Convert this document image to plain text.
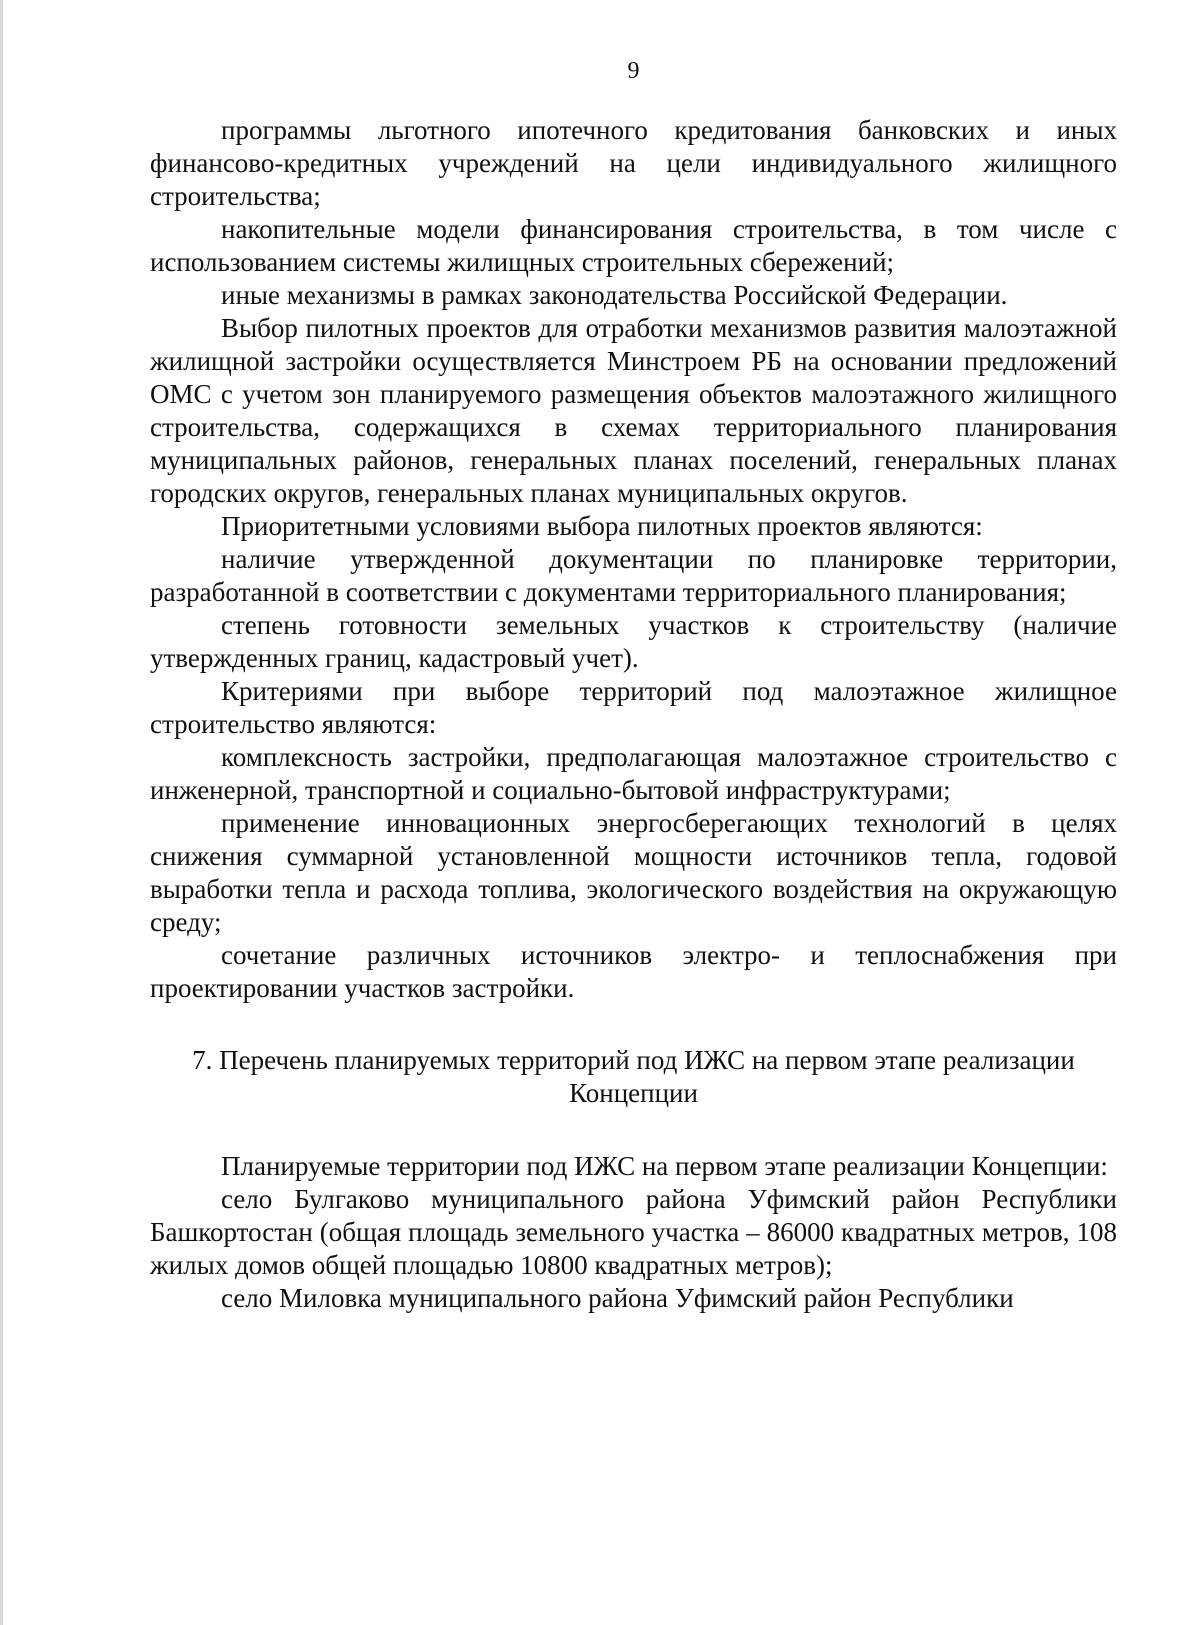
9

программы льготного ипотечного кредитования банковских и иных финансово-кредитных учреждений на цели индивидуального жилищного строительства;

накопительные модели финансирования строительства, в том числе с использованием системы жилищных строительных сбережений;

иные механизмы в рамках законодательства Российской Федерации.

Выбор пилотных проектов для отработки механизмов развития малоэтажной жилищной застройки осуществляется Минстроем РБ на основании предложений ОМС с учетом зон планируемого размещения объектов малоэтажного жилищного строительства, содержащихся в схемах территориального планирования муниципальных районов, генеральных планах поселений, генеральных планах городских округов, генеральных планах муниципальных округов.

Приоритетными условиями выбора пилотных проектов являются:

наличие утвержденной документации по планировке территории, разработанной в соответствии с документами территориального планирования;

степень готовности земельных участков к строительству (наличие утвержденных границ, кадастровый учет).

Критериями при выборе территорий под малоэтажное жилищное строительство являются:

комплексность застройки, предполагающая малоэтажное строительство с инженерной, транспортной и социально-бытовой инфраструктурами;

применение инновационных энергосберегающих технологий в целях снижения суммарной установленной мощности источников тепла, годовой выработки тепла и расхода топлива, экологического воздействия на окружающую среду;

сочетание различных источников электро- и теплоснабжения при проектировании участков застройки.

7. Перечень планируемых территорий под ИЖС на первом этапе реализации Концепции

Планируемые территории под ИЖС на первом этапе реализации Концепции:

село Булгаково муниципального района Уфимский район Республики Башкортостан (общая площадь земельного участка – 86000 квадратных метров, 108 жилых домов общей площадью 10800 квадратных метров);

село Миловка муниципального района Уфимский район Республики
